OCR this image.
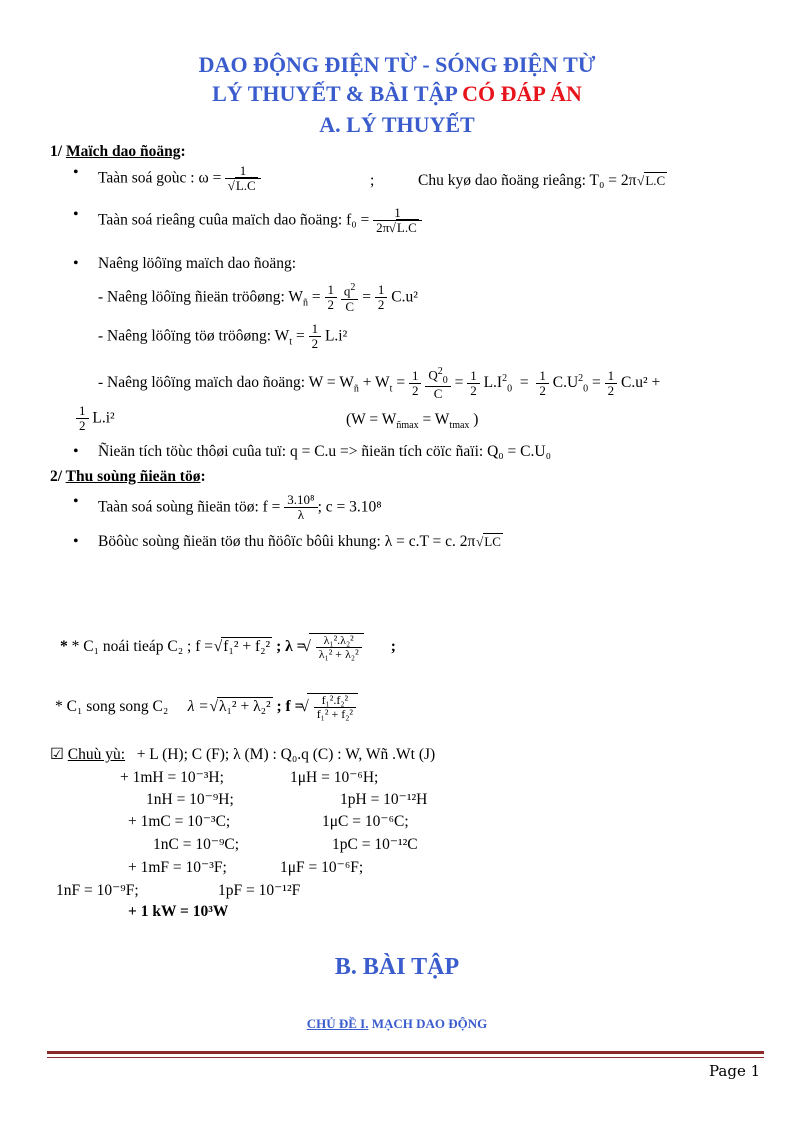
DAO ĐỘNG ĐIỆN TỪ - SÓNG ĐIỆN TỪ
LÝ THUYẾT & BÀI TẬP CÓ ĐÁP ÁN
A. LÝ THUYẾT
1/ Maïch dao ñoäng:
• Taàn soá goùc : ω = 1
√ L.C	;	Chu kyø dao ñoäng rieâng: T₀ = 2π √ L.C
• Taàn soá rieâng cuûa maïch dao ñoäng: $f_0 = \frac{1}{2\pi √ L.C}$
• Naêng löôïng maïch dao ñoäng:
- Naêng löôïng ñieän tröôøng: $W_ñ = \frac{1}{2}$
$\frac{q^2}{C} = \frac{1}{2} C.u^2$
- Naêng löôïng töø tröôøng: $W_t = \frac{1}{2} L.i^2$
- Naêng löôïng maïch dao ñoäng: $W = W_ñ + W_t = \frac{1}{2}$
$\frac{Q^2_0}{C} = \frac{1}{2} L.I^2_0 = \frac{1}{2} C.U^2_0 = \frac{1}{2} C.u^2$ +
$\frac{1}{2} L.i^2$	($W = W_{ñmax} = W_{tmax}$ )
• Ñieän tích töùc thôøi cuûa tuï: q = C.u => ñieän tích cöïc ñaïi: Q₀ = C.U₀
2/ Thu soùng ñieän töø:
• Taàn soá soùng ñieän töø: $f = \frac{\text{3.10⁸}}{\lambda}$ ; c = 3.10⁸
• Böôùc soùng ñieän töø thu ñöôïc bôûi khung: λ = c.T = c. 2π √ LC
* * C₁ noái tieáp C₂ ; f = √ f₁² + f₂² ; λ = √ $\frac{\text{λ₁².λ₂²}}{\text{λ₁² + λ₂²}}$ ;
* C₁ song song C₂ λ = √ λ₁² + λ₂² ; f = √ $\frac{\text{f₁².f₂²}}{\text{f₁² + f₂²}}$
☑ Chuù yù: + L (H); C (F); λ (M) : Q₀.q (C) : W, Wñ .Wt (J)
+ 1mH = 10⁻³H;	1μH = 10⁻⁶H;
1nH = 10⁻⁹H;	1pH = 10⁻¹²H
+ 1mC = 10⁻³C;	1μC = 10⁻⁶C;
1nC = 10⁻⁹C;	1pC = 10⁻¹²C
+ 1mF = 10⁻³F;	1μF = 10⁻⁶F;
1nF = 10⁻⁹F;	1pF = 10⁻¹²F
+ 1 kW = 10³W
B. BÀI TẬP
CHỦ ĐỀ I. MẠCH DAO ĐỘNG
Page 1
